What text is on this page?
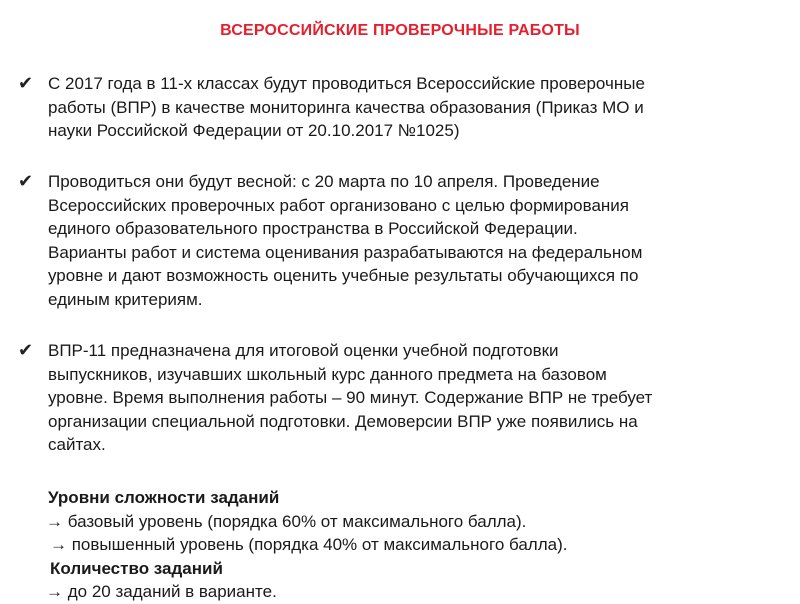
ВСЕРОССИЙСКИЕ ПРОВЕРОЧНЫЕ РАБОТЫ
✔ С 2017 года в 11-х классах будут проводиться Всероссийские проверочные
работы (ВПР) в качестве мониторинга качества образования (Приказ МО и
науки Российской Федерации от 20.10.2017 №1025)
✔ Проводиться они будут весной: с 20 марта по 10 апреля. Проведение
Всероссийских проверочных работ организовано с целью формирования
единого образовательного пространства в Российской Федерации.
Варианты работ и система оценивания разрабатываются на федеральном
уровне и дают возможность оценить учебные результаты обучающихся по
единым критериям.
✔ ВПР-11 предназначена для итоговой оценки учебной подготовки
выпускников, изучавших школьный курс данного предмета на базовом
уровне. Время выполнения работы – 90 минут. Содержание ВПР не требует
организации специальной подготовки. Демоверсии ВПР уже появились на
сайтах.
Уровни сложности заданий
→ базовый уровень (порядка 60% от максимального балла).
→ повышенный уровень (порядка 40% от максимального балла).
Количество заданий
→ до 20 заданий в варианте.
